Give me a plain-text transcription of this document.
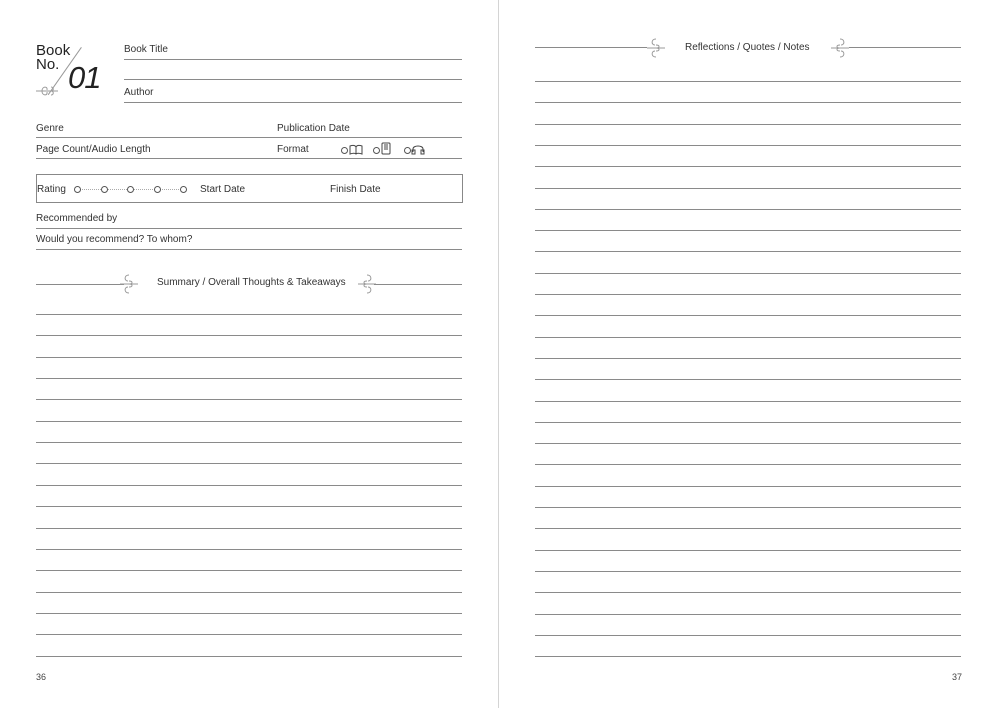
Book
No. 01
Book Title
Author
Genre	Publication Date
Page Count/Audio Length	Format
Rating	Start Date	Finish Date
Recommended by
Would you recommend? To whom?
Summary / Overall Thoughts & Takeaways
36
Reflections / Quotes / Notes
37
